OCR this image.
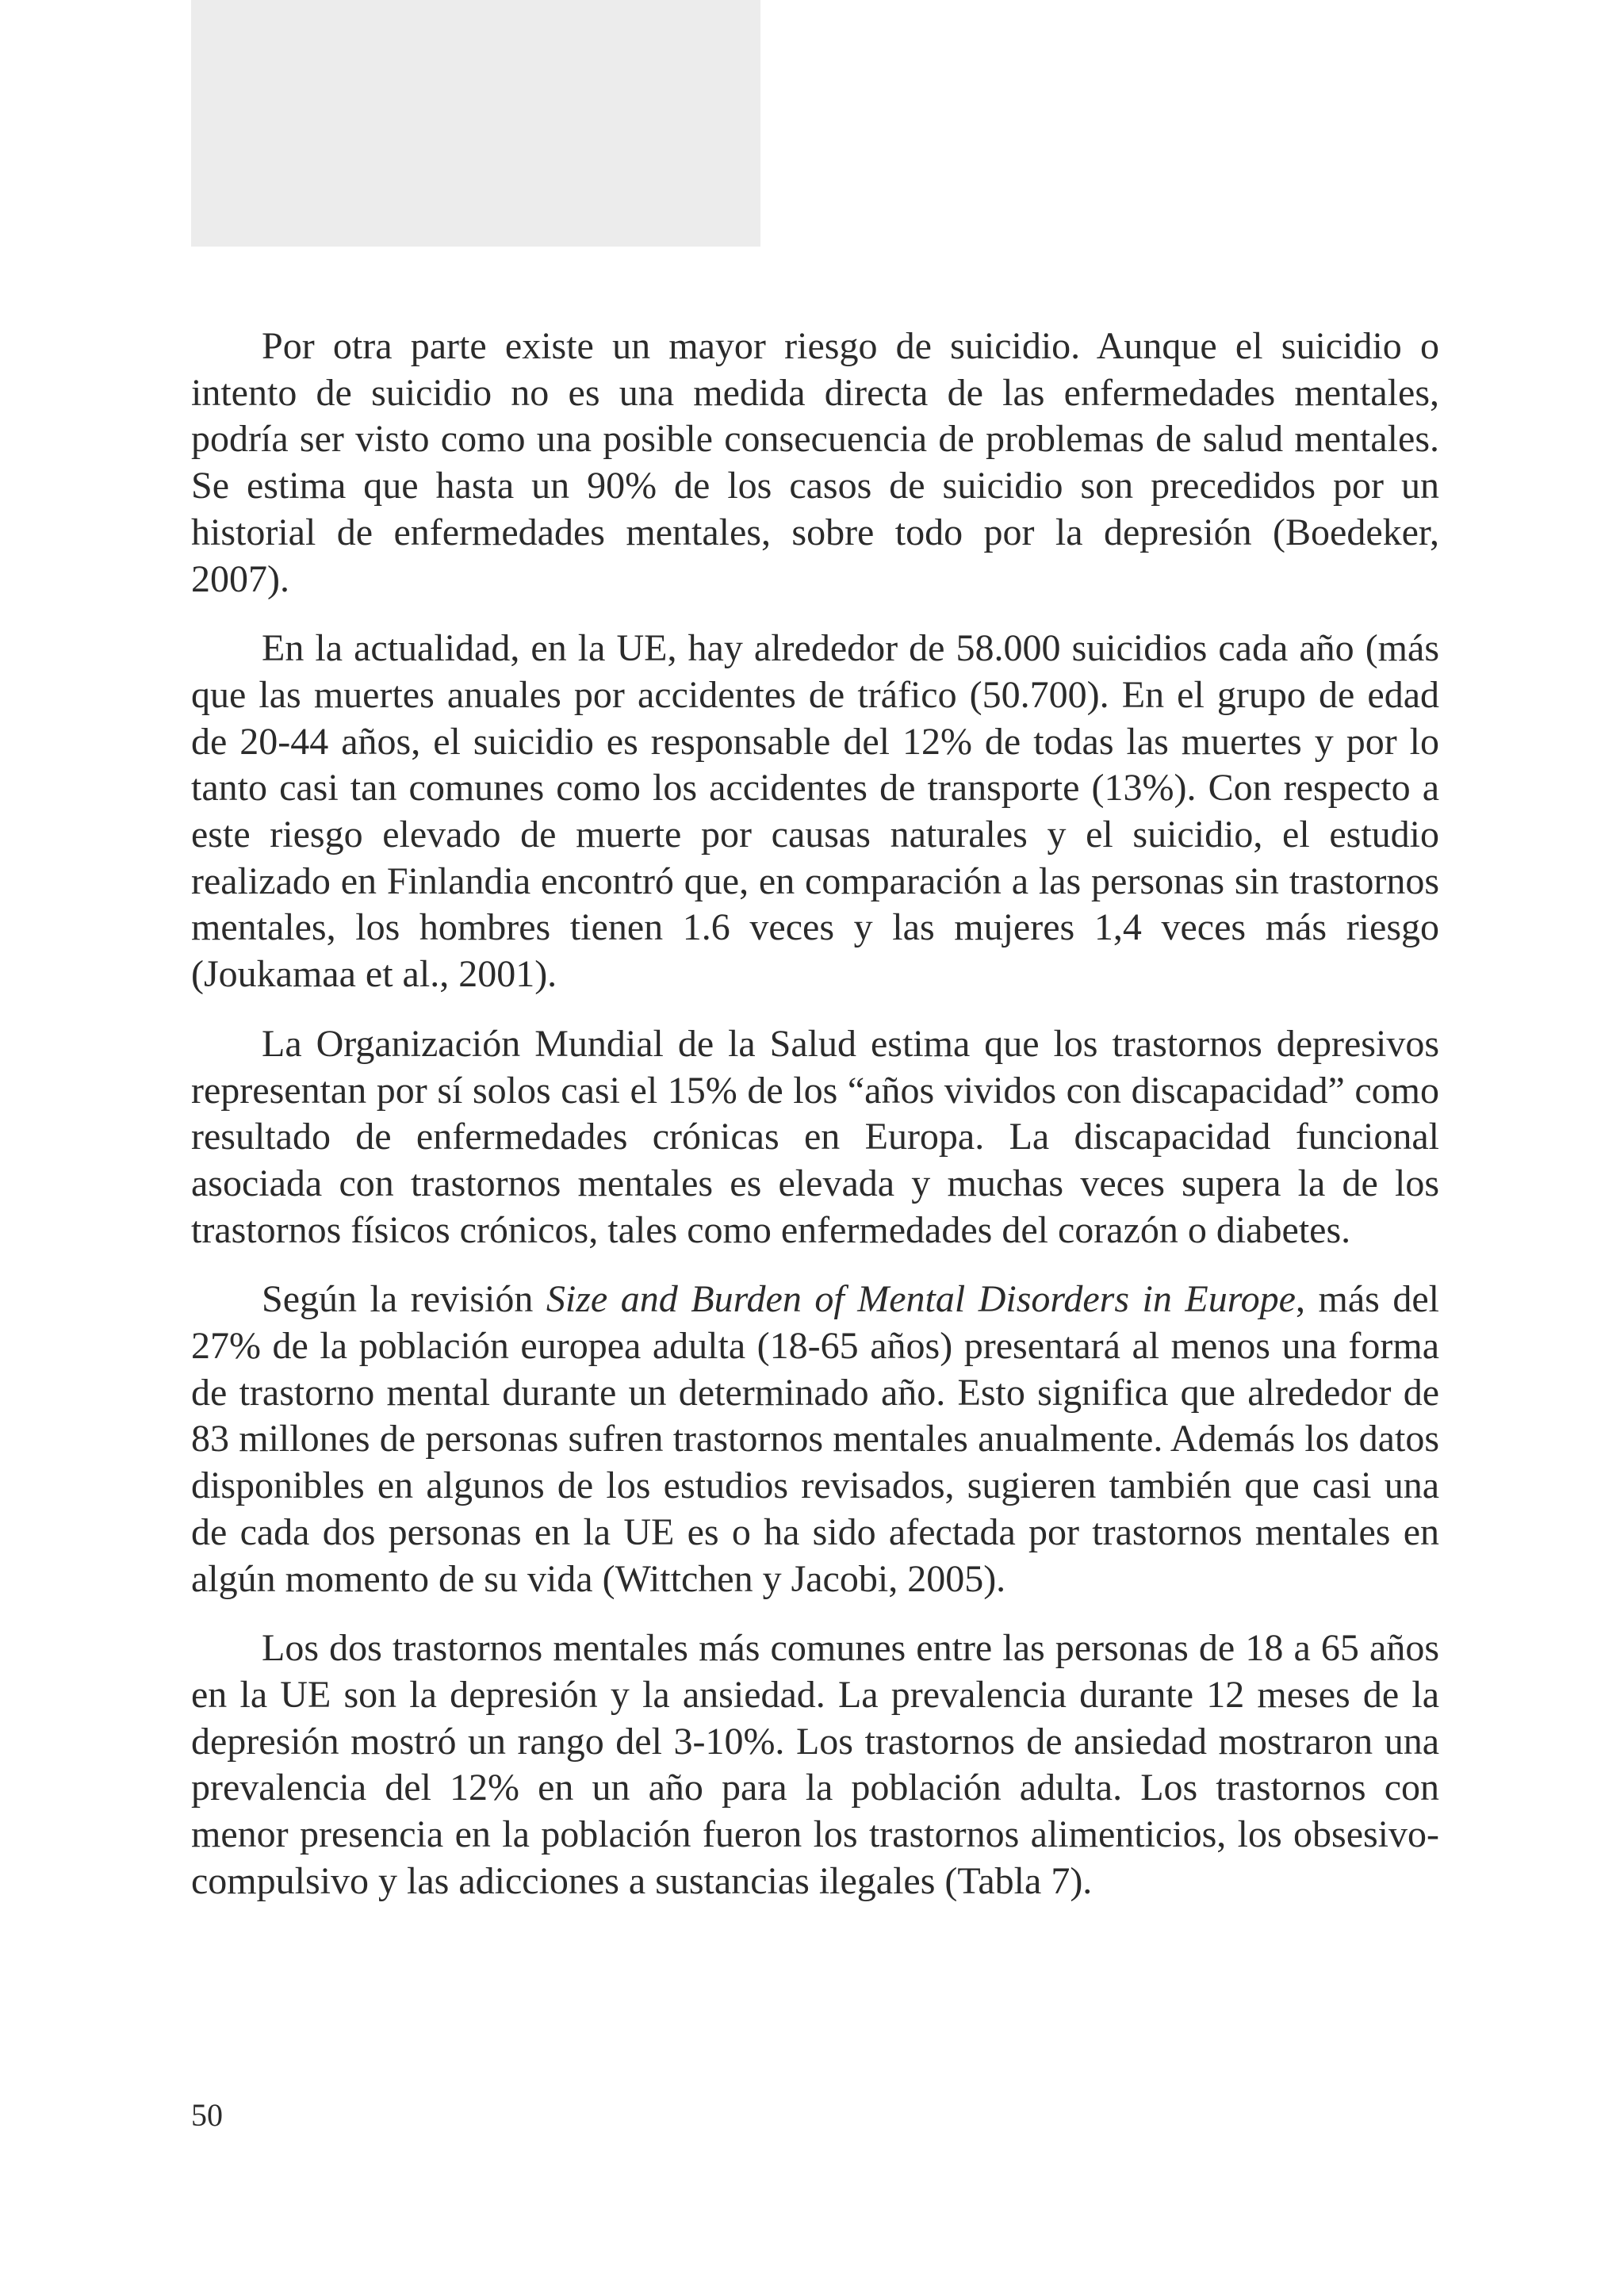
Por otra parte existe un mayor riesgo de suicidio. Aunque el suicidio o intento de suicidio no es una medida directa de las enfermedades mentales, podría ser visto como una posible consecuencia de problemas de salud mentales. Se estima que hasta un 90% de los casos de suicidio son precedidos por un historial de enfermedades mentales, sobre todo por la depresión (Boedeker, 2007).

En la actualidad, en la UE, hay alrededor de 58.000 suicidios cada año (más que las muertes anuales por accidentes de tráfico (50.700). En el grupo de edad de 20-44 años, el suicidio es responsable del 12% de todas las muertes y por lo tanto casi tan comunes como los accidentes de transporte (13%). Con respecto a este riesgo elevado de muerte por causas naturales y el suicidio, el estudio realizado en Finlandia encontró que, en comparación a las personas sin trastornos mentales, los hombres tienen 1.6 veces y las mujeres 1,4 veces más riesgo (Joukamaa et al., 2001).

La Organización Mundial de la Salud estima que los trastornos depresivos representan por sí solos casi el 15% de los “años vividos con discapacidad” como resultado de enfermedades crónicas en Europa. La discapacidad funcional asociada con trastornos mentales es elevada y muchas veces supera la de los trastornos físicos crónicos, tales como enfermedades del corazón o diabetes.

Según la revisión Size and Burden of Mental Disorders in Europe, más del 27% de la población europea adulta (18-65 años) presentará al menos una forma de trastorno mental durante un determinado año. Esto significa que alrededor de 83 millones de personas sufren trastornos mentales anualmente. Además los datos disponibles en algunos de los estudios revisados, sugieren también que casi una de cada dos personas en la UE es o ha sido afectada por trastornos mentales en algún momento de su vida (Wittchen y Jacobi, 2005).

Los dos trastornos mentales más comunes entre las personas de 18 a 65 años en la UE son la depresión y la ansiedad. La prevalencia durante 12 meses de la depresión mostró un rango del 3-10%. Los trastornos de ansiedad mostraron una prevalencia del 12% en un año para la población adulta. Los trastornos con menor presencia en la población fueron los trastornos alimenticios, los obsesivo-compulsivo y las adicciones a sustancias ilegales (Tabla 7).

50
